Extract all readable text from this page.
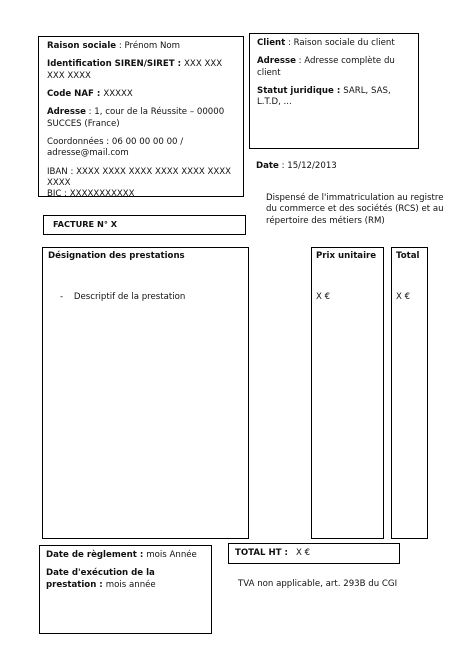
Raison sociale : Prénom Nom
Identification SIREN/SIRET : XXX XXX XXX XXXX
Code NAF : XXXXX
Adresse : 1, cour de la Réussite – 00000 SUCCES (France)
Coordonnées : 06 00 00 00 00 / adresse@mail.com
IBAN : XXXX XXXX XXXX XXXX XXXX XXXX XXXX
BIC : XXXXXXXXXXX
Client : Raison sociale du client
Adresse : Adresse complète du client
Statut juridique : SARL, SAS, L.T.D, ...
Date : 15/12/2013
Dispensé de l'immatriculation au registre du commerce et des sociétés (RCS) et au répertoire des métiers (RM)
FACTURE N° X
Désignation des prestations
- Descriptif de la prestation
Prix unitaire
X €
Total
X €
Date de règlement : mois Année
Date d'exécution de la prestation : mois année
TOTAL HT : X €
TVA non applicable, art. 293B du CGI
